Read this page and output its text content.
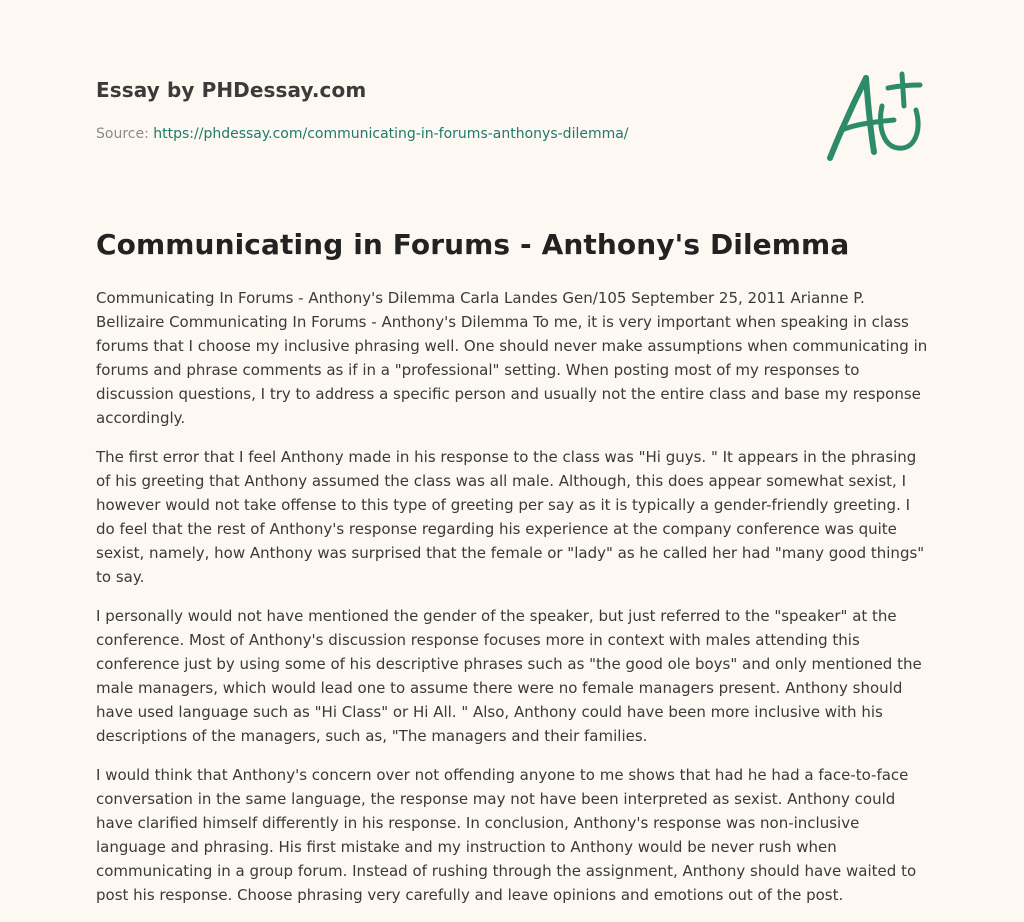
Essay by PHDessay.com
Source: https://phdessay.com/communicating-in-forums-anthonys-dilemma/
Communicating in Forums - Anthony's Dilemma

Communicating In Forums - Anthony's Dilemma Carla Landes Gen/105 September 25, 2011 Arianne P. Bellizaire Communicating In Forums - Anthony's Dilemma To me, it is very important when speaking in class forums that I choose my inclusive phrasing well. One should never make assumptions when communicating in forums and phrase comments as if in a "professional" setting. When posting most of my responses to discussion questions, I try to address a specific person and usually not the entire class and base my response accordingly.

The first error that I feel Anthony made in his response to the class was "Hi guys. " It appears in the phrasing of his greeting that Anthony assumed the class was all male. Although, this does appear somewhat sexist, I however would not take offense to this type of greeting per say as it is typically a gender-friendly greeting. I do feel that the rest of Anthony's response regarding his experience at the company conference was quite sexist, namely, how Anthony was surprised that the female or "lady" as he called her had "many good things" to say.

I personally would not have mentioned the gender of the speaker, but just referred to the "speaker" at the conference. Most of Anthony's discussion response focuses more in context with males attending this conference just by using some of his descriptive phrases such as "the good ole boys" and only mentioned the male managers, which would lead one to assume there were no female managers present. Anthony should have used language such as "Hi Class" or Hi All. " Also, Anthony could have been more inclusive with his descriptions of the managers, such as, "The managers and their families.

I would think that Anthony's concern over not offending anyone to me shows that had he had a face-to-face conversation in the same language, the response may not have been interpreted as sexist. Anthony could have clarified himself differently in his response. In conclusion, Anthony's response was non-inclusive language and phrasing. His first mistake and my instruction to Anthony would be never rush when communicating in a group forum. Instead of rushing through the assignment, Anthony should have waited to post his response. Choose phrasing very carefully and leave opinions and emotions out of the post.
